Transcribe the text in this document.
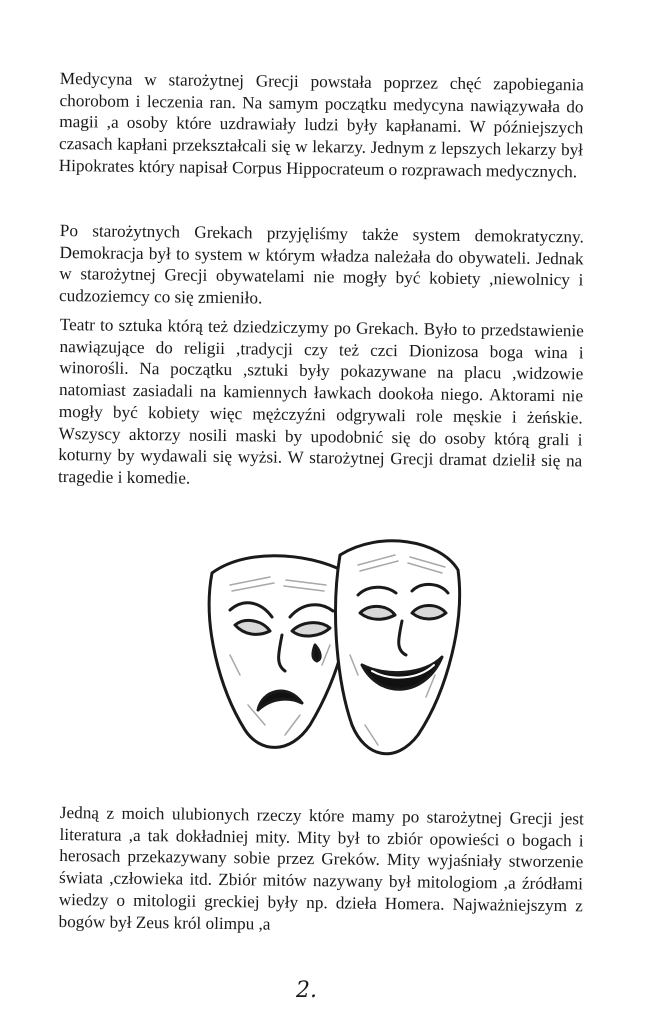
Medycyna w starożytnej Grecji powstała poprzez chęć zapobiegania chorobom i leczenia ran. Na samym początku medycyna nawiązywała do magii ,a osoby które uzdrawiały ludzi były kapłanami. W późniejszych czasach kapłani przekształcali się w lekarzy. Jednym z lepszych lekarzy był Hipokrates który napisał Corpus Hippocrateum o rozprawach medycznych.

Po starożytnych Grekach przyjęliśmy także system demokratyczny. Demokracja był to system w którym władza należała do obywateli. Jednak w starożytnej Grecji obywatelami nie mogły być kobiety ,niewolnicy i cudzoziemcy co się zmieniło.

Teatr to sztuka którą też dziedziczymy po Grekach. Było to przedstawienie nawiązujące do religii ,tradycji czy też czci Dionizosa boga wina i winorośli. Na początku ,sztuki były pokazywane na placu ,widzowie natomiast zasiadali na kamiennych ławkach dookoła niego. Aktorami nie mogły być kobiety więc mężczyźni odgrywali role męskie i żeńskie. Wszyscy aktorzy nosili maski by upodobnić się do osoby którą grali i koturny by wydawali się wyżsi. W starożytnej Grecji dramat dzielił się na tragedie i komedie.

Jedną z moich ulubionych rzeczy które mamy po starożytnej Grecji jest literatura ,a tak dokładniej mity. Mity był to zbiór opowieści o bogach i herosach przekazywany sobie przez Greków. Mity wyjaśniały stworzenie świata ,człowieka itd. Zbiór mitów nazywany był mitologiom ,a źródłami wiedzy o mitologii greckiej były np. dzieła Homera. Najważniejszym z bogów był Zeus król olimpu ,a

2.
